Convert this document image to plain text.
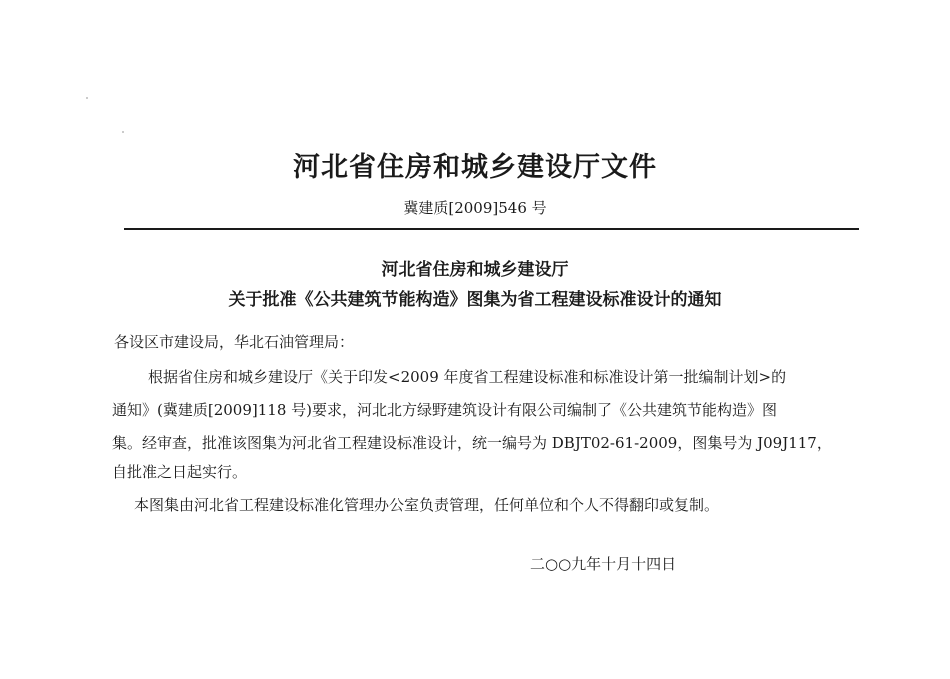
河北省住房和城乡建设厅文件
冀建质[2009]546 号
河北省住房和城乡建设厅
关于批准《公共建筑节能构造》图集为省工程建设标准设计的通知
各设区市建设局，华北石油管理局：
根据省住房和城乡建设厅《关于印发<2009 年度省工程建设标准和标准设计第一批编制计划>的
通知》(冀建质[2009]118 号)要求，河北北方绿野建筑设计有限公司编制了《公共建筑节能构造》图
集。经审查，批准该图集为河北省工程建设标准设计，统一编号为 DBJT02-61-2009，图集号为 J09J117，
自批准之日起实行。
本图集由河北省工程建设标准化管理办公室负责管理，任何单位和个人不得翻印或复制。
二○○九年十月十四日
